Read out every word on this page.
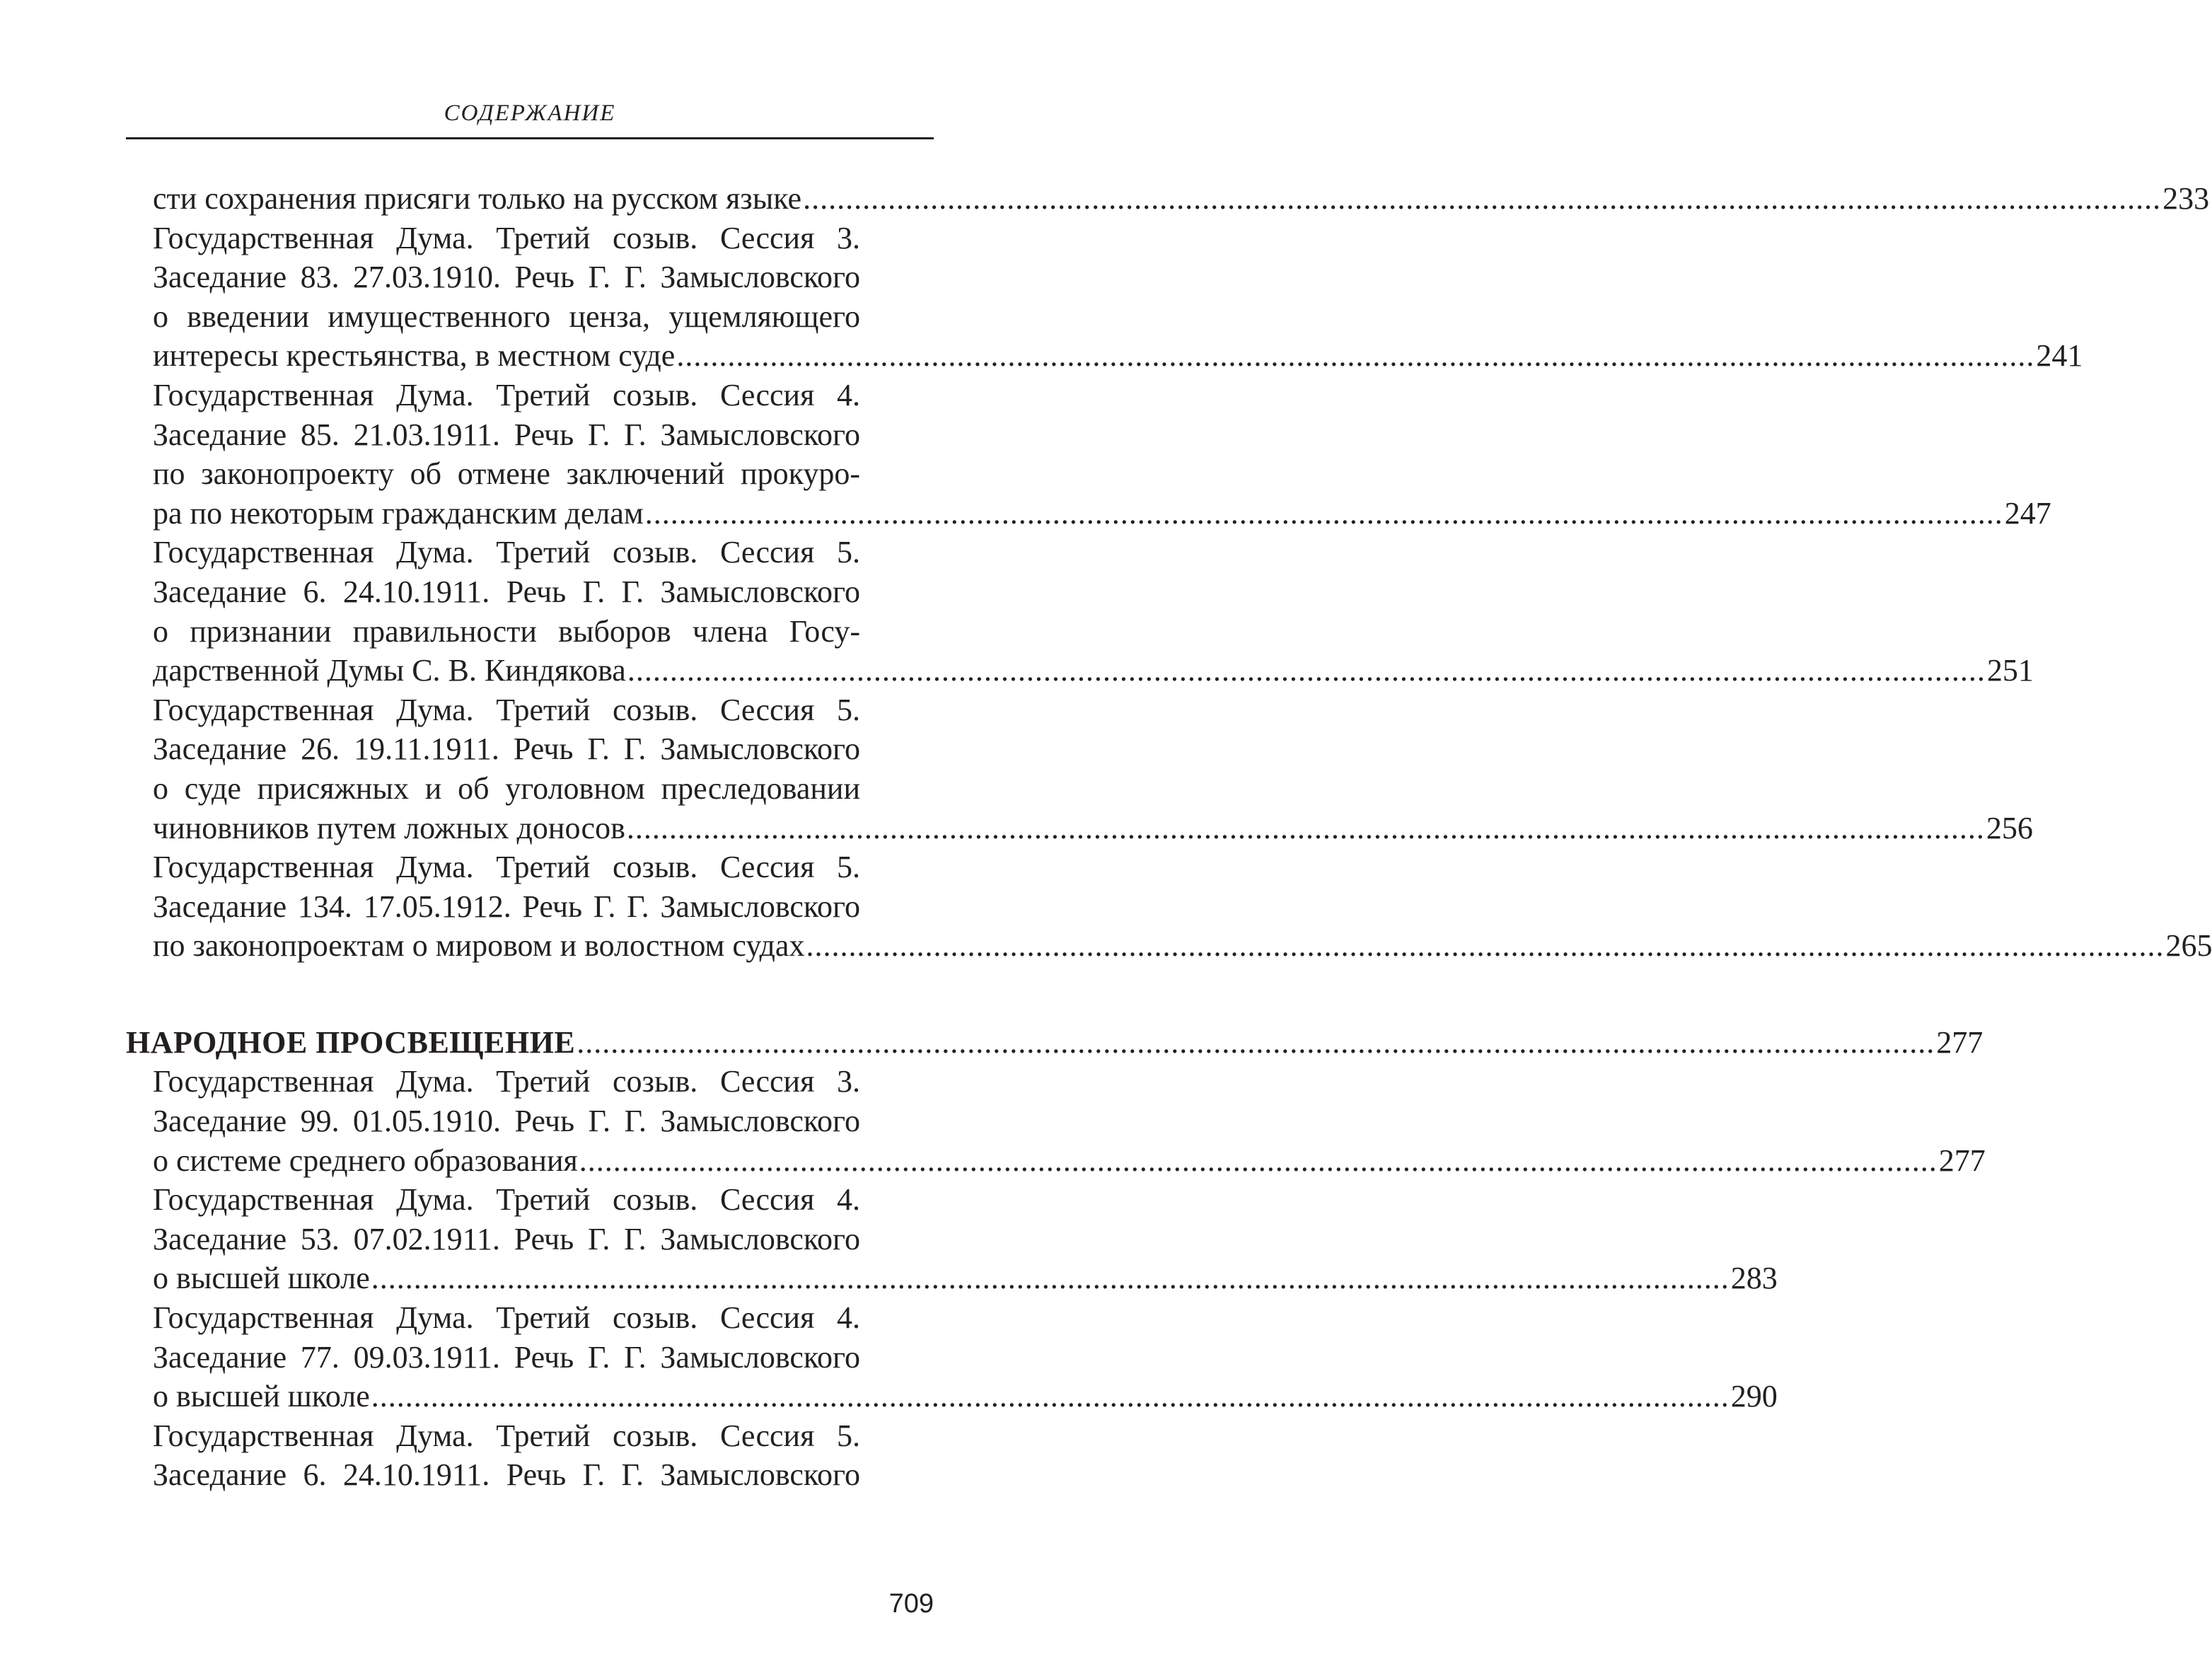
СОДЕРЖАНИЕ
сти сохранения присяги только на русском языке ................................................................................................................................................................ 233
Государственная Дума. Третий созыв. Сессия 3.
Заседание 83. 27.03.1910. Речь Г. Г. Замысловского
о введении имущественного ценза, ущемляющего
интересы крестьянства, в местном суде ................................................................................................................................................................ 241
Государственная Дума. Третий созыв. Сессия 4.
Заседание 85. 21.03.1911. Речь Г. Г. Замысловского
по законопроекту об отмене заключений прокуро-
ра по некоторым гражданским делам ................................................................................................................................................................ 247
Государственная Дума. Третий созыв. Сессия 5.
Заседание 6. 24.10.1911. Речь Г. Г. Замысловского
о признании правильности выборов члена Госу-
дарственной Думы С. В. Киндякова ................................................................................................................................................................ 251
Государственная Дума. Третий созыв. Сессия 5.
Заседание 26. 19.11.1911. Речь Г. Г. Замысловского
о суде присяжных и об уголовном преследовании
чиновников путем ложных доносов ................................................................................................................................................................ 256
Государственная Дума. Третий созыв. Сессия 5.
Заседание 134. 17.05.1912. Речь Г. Г. Замысловского
по законопроектам о мировом и волостном судах ................................................................................................................................................................ 265
НАРОДНОЕ ПРОСВЕЩЕНИЕ ................................................................................................................................................................ 277
Государственная Дума. Третий созыв. Сессия 3.
Заседание 99. 01.05.1910. Речь Г. Г. Замысловского
о системе среднего образования ................................................................................................................................................................ 277
Государственная Дума. Третий созыв. Сессия 4.
Заседание 53. 07.02.1911. Речь Г. Г. Замысловского
о высшей школе ................................................................................................................................................................ 283
Государственная Дума. Третий созыв. Сессия 4.
Заседание 77. 09.03.1911. Речь Г. Г. Замысловского
о высшей школе ................................................................................................................................................................ 290
Государственная Дума. Третий созыв. Сессия 5.
Заседание 6. 24.10.1911. Речь Г. Г. Замысловского
709
